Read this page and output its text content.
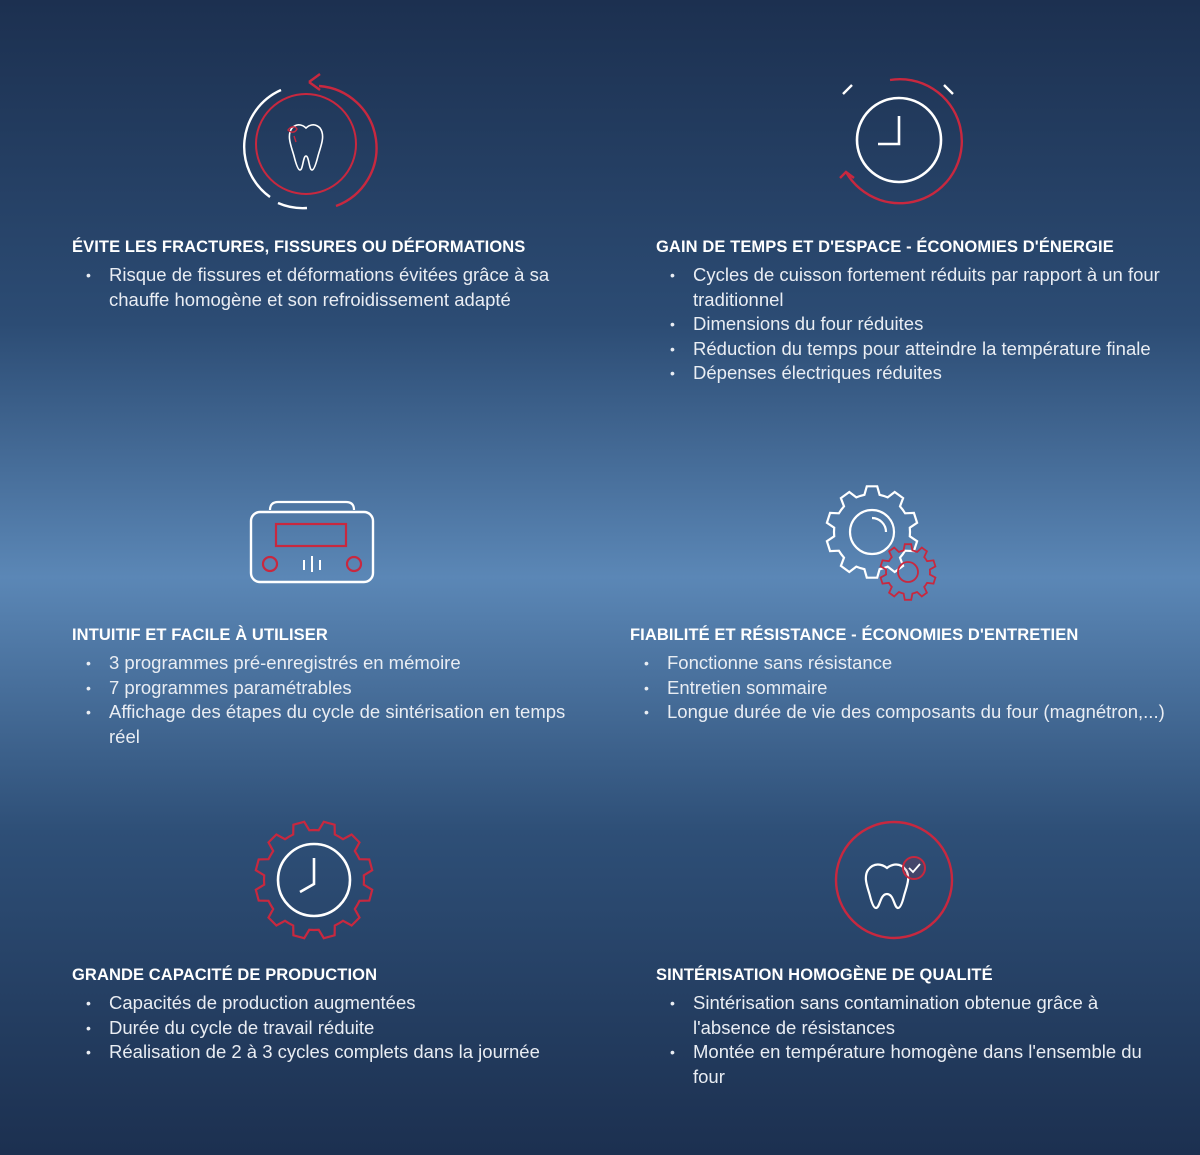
ÉVITE LES FRACTURES, FISSURES OU DÉFORMATIONS
• Risque de fissures et déformations évitées grâce à sa chauffe homogène et son refroidissement adapté
GAIN DE TEMPS ET D'ESPACE - ÉCONOMIES D'ÉNERGIE
• Cycles de cuisson fortement réduits par rapport à un four traditionnel
• Dimensions du four réduites
• Réduction du temps pour atteindre la température finale
• Dépenses électriques réduites
INTUITIF ET FACILE À UTILISER
• 3 programmes pré-enregistrés en mémoire
• 7 programmes paramétrables
• Affichage des étapes du cycle de sintérisation en temps réel
FIABILITÉ ET RÉSISTANCE - ÉCONOMIES D'ENTRETIEN
• Fonctionne sans résistance
• Entretien sommaire
• Longue durée de vie des composants du four (magnétron,...)
GRANDE CAPACITÉ DE PRODUCTION
• Capacités de production augmentées
• Durée du cycle de travail réduite
• Réalisation de 2 à 3 cycles complets dans la journée
SINTÉRISATION HOMOGÈNE DE QUALITÉ
• Sintérisation sans contamination obtenue grâce à l'absence de résistances
• Montée en température homogène dans l'ensemble du four
